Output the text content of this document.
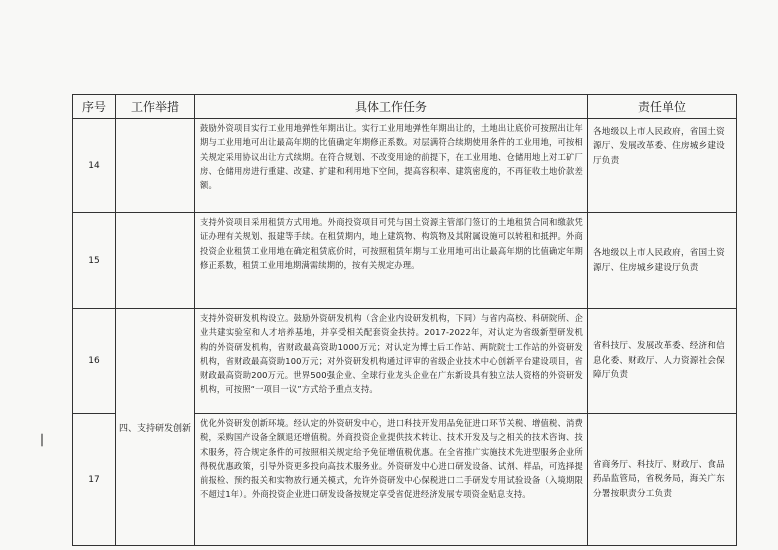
序号	工作举措	具体工作任务	责任单位
14		鼓励外资项目实行工业用地弹性年期出让。实行工业用地弹性年期出让的，土地出让底价可按照出让年期与工业用地可出让最高年期的比值确定年期修正系数。对层满符合续期使用条件的工业用地，可按相关规定采用协议出让方式续期。在符合规划、不改变用途的前提下，在工业用地、仓储用地上对工矿厂房、仓储用房进行重建、改建、扩建和利用地下空间，提高容积率、建筑密度的，不再征收土地价款差额。	各地级以上市人民政府，省国土资源厅、发展改革委、住房城乡建设厅负责
15		支持外资项目采用租赁方式用地。外商投资项目可凭与国土资源主管部门签订的土地租赁合同和缴款凭证办理有关规划、报建等手续。在租赁期内，地上建筑物、构筑物及其附属设施可以转租和抵押。外商投资企业租赁工业用地在确定租赁底价时，可按照租赁年期与工业用地可出让最高年期的比值确定年期修正系数，租赁工业用地期满需续期的，按有关规定办理。	各地级以上市人民政府，省国土资源厅、住房城乡建设厅负责
16	四、支持研发创新	支持外资研发机构设立。鼓励外资研发机构（含企业内设研发机构，下同）与省内高校、科研院所、企业共建实验室和人才培养基地，并享受相关配套资金扶持。2017-2022年，对认定为省级新型研发机构的外资研发机构，省财政最高资助1000万元；对认定为博士后工作站、两院院士工作站的外资研发机构，省财政最高资助100万元；对外资研发机构通过评审的省级企业技术中心创新平台建设项目，省财政最高资助200万元。世界500强企业、全球行业龙头企业在广东新设具有独立法人资格的外资研发机构，可按照“一项目一议”方式给予重点支持。	省科技厅、发展改革委、经济和信息化委、财政厅、人力资源社会保障厅负责
17		优化外资研发创新环境。经认定的外资研发中心，进口科技开发用品免征进口环节关税、增值税、消费税，采购国产设备全额退还增值税。外商投资企业提供技术转让、技术开发及与之相关的技术咨询、技术服务，符合规定条件的可按照相关规定给予免征增值税优惠。在全省推广实施技术先进型服务企业所得税优惠政策，引导外资更多投向高技术服务业。外资研发中心进口研发设备、试剂、样品，可选择提前报检、预约报关和实物放行通关模式，允许外资研发中心保税进口二手研发专用试验设备（入境期限不超过1年）。外商投资企业进口研发设备按规定享受省促进经济发展专项资金贴息支持。	省商务厅、科技厅、财政厅、食品药品监管局，省税务局，海关广东分署按职责分工负责
—
